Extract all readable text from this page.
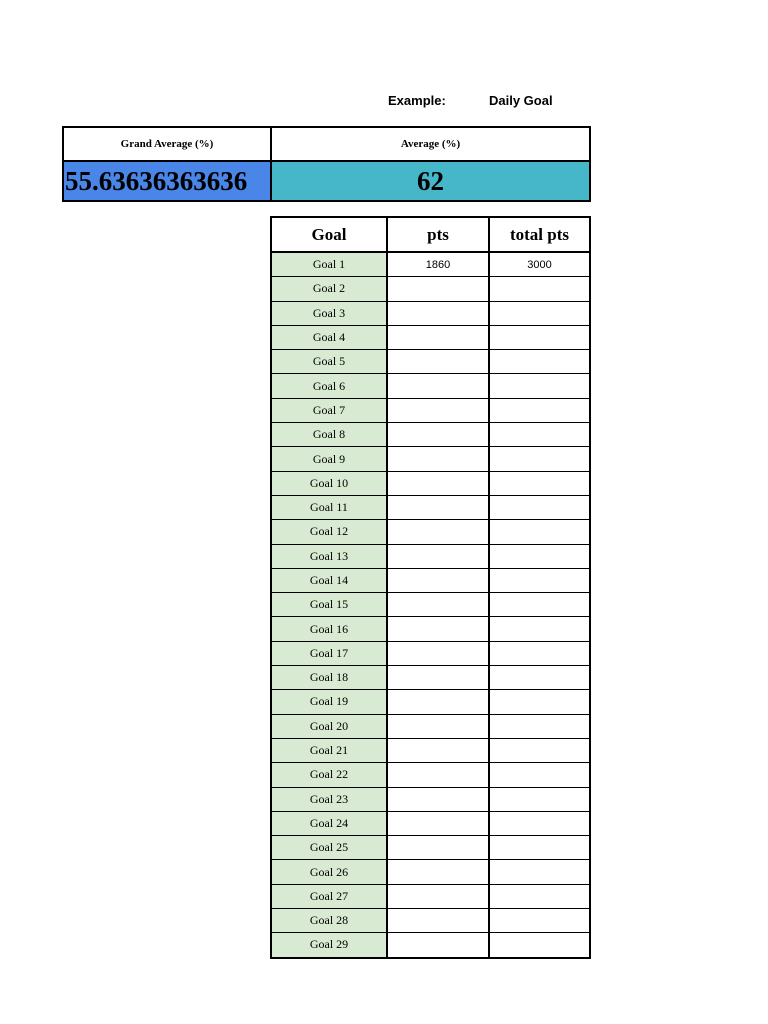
Example:	Daily Goal
Grand Average (%)	Average (%)
55.63636363636	62
Goal	pts	total pts
Goal 1	1860	3000
Goal 2		
Goal 3		
Goal 4		
Goal 5		
Goal 6		
Goal 7		
Goal 8		
Goal 9		
Goal 10		
Goal 11		
Goal 12		
Goal 13		
Goal 14		
Goal 15		
Goal 16		
Goal 17		
Goal 18		
Goal 19		
Goal 20		
Goal 21		
Goal 22		
Goal 23		
Goal 24		
Goal 25		
Goal 26		
Goal 27		
Goal 28		
Goal 29		
